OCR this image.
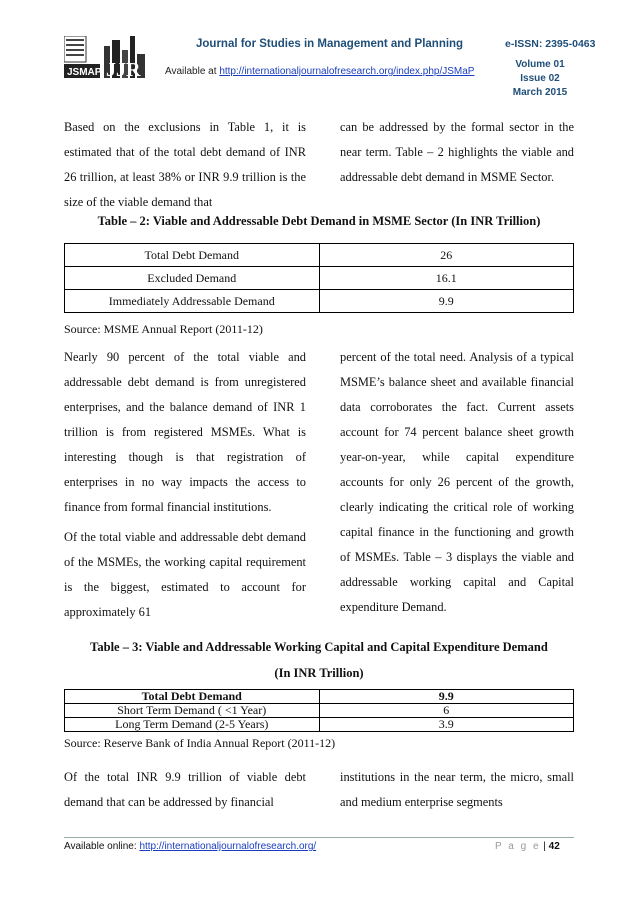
JSMAP JJR
Journal for Studies in Management and Planning
Available at http://internationaljournalofresearch.org/index.php/JSMaP
e-ISSN: 2395-0463
Volume 01 Issue 02
March 2015

Based on the exclusions in Table 1, it is estimated that of the total debt demand of INR 26 trillion, at least 38% or INR 9.9 trillion is the size of the viable demand that

can be addressed by the formal sector in the near term. Table – 2 highlights the viable and addressable debt demand in MSME Sector.

Table – 2: Viable and Addressable Debt Demand in MSME Sector (In INR Trillion)
Total Debt Demand	26
Excluded Demand	16.1
Immediately Addressable Demand	9.9
Source: MSME Annual Report (2011-12)

Nearly 90 percent of the total viable and addressable debt demand is from unregistered enterprises, and the balance demand of INR 1 trillion is from registered MSMEs. What is interesting though is that registration of enterprises in no way impacts the access to finance from formal financial institutions.

Of the total viable and addressable debt demand of the MSMEs, the working capital requirement is the biggest, estimated to account for approximately 61

percent of the total need. Analysis of a typical MSME’s balance sheet and available financial data corroborates the fact. Current assets account for 74 percent balance sheet growth year-on-year, while capital expenditure accounts for only 26 percent of the growth, clearly indicating the critical role of working capital finance in the functioning and growth of MSMEs. Table – 3 displays the viable and addressable working capital and Capital expenditure Demand.

Table – 3: Viable and Addressable Working Capital and Capital Expenditure Demand
(In INR Trillion)
Total Debt Demand	9.9
Short Term Demand ( <1 Year)	6
Long Term Demand (2-5 Years)	3.9
Source: Reserve Bank of India Annual Report (2011-12)

Of the total INR 9.9 trillion of viable debt demand that can be addressed by financial

institutions in the near term, the micro, small and medium enterprise segments

Available online: http://internationaljournalofresearch.org/	P a g e | 42
